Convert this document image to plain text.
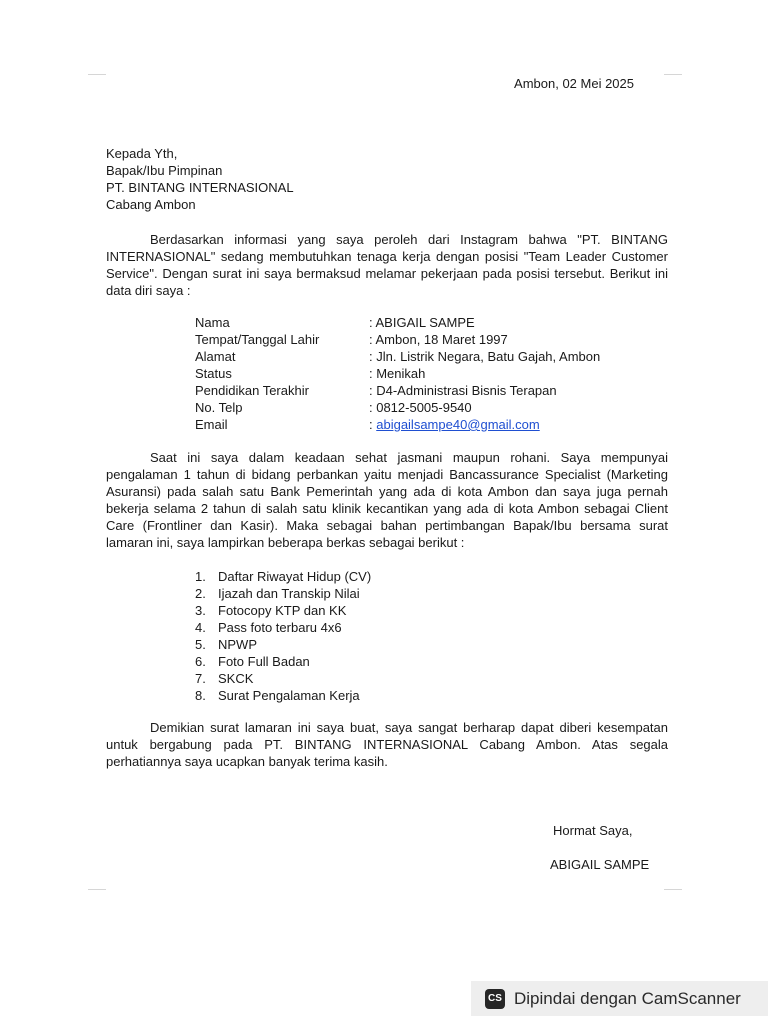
Ambon, 02 Mei 2025
Kepada Yth,
Bapak/Ibu Pimpinan
PT. BINTANG INTERNASIONAL
Cabang Ambon

Berdasarkan informasi yang saya peroleh dari Instagram bahwa "PT. BINTANG INTERNASIONAL" sedang membutuhkan tenaga kerja dengan posisi "Team Leader Customer Service". Dengan surat ini saya bermaksud melamar pekerjaan pada posisi tersebut. Berikut ini data diri saya :

Nama	: ABIGAIL SAMPE
Tempat/Tanggal Lahir	: Ambon, 18 Maret 1997
Alamat	: Jln. Listrik Negara, Batu Gajah, Ambon
Status	: Menikah
Pendidikan Terakhir	: D4-Administrasi Bisnis Terapan
No. Telp	: 0812-5005-9540
Email	: abigailsampe40@gmail.com

Saat ini saya dalam keadaan sehat jasmani maupun rohani. Saya mempunyai pengalaman 1 tahun di bidang perbankan yaitu menjadi Bancassurance Specialist (Marketing Asuransi) pada salah satu Bank Pemerintah yang ada di kota Ambon dan saya juga pernah bekerja selama 2 tahun di salah satu klinik kecantikan yang ada di kota Ambon sebagai Client Care (Frontliner dan Kasir). Maka sebagai bahan pertimbangan Bapak/Ibu bersama surat lamaran ini, saya lampirkan beberapa berkas sebagai berikut :

1. Daftar Riwayat Hidup (CV)
2. Ijazah dan Transkip Nilai
3. Fotocopy KTP dan KK
4. Pass foto terbaru 4x6
5. NPWP
6. Foto Full Badan
7. SKCK
8. Surat Pengalaman Kerja

Demikian surat lamaran ini saya buat, saya sangat berharap dapat diberi kesempatan untuk bergabung pada PT. BINTANG INTERNASIONAL Cabang Ambon. Atas segala perhatiannya saya ucapkan banyak terima kasih.

Hormat Saya,
ABIGAIL SAMPE
CS Dipindai dengan CamScanner
